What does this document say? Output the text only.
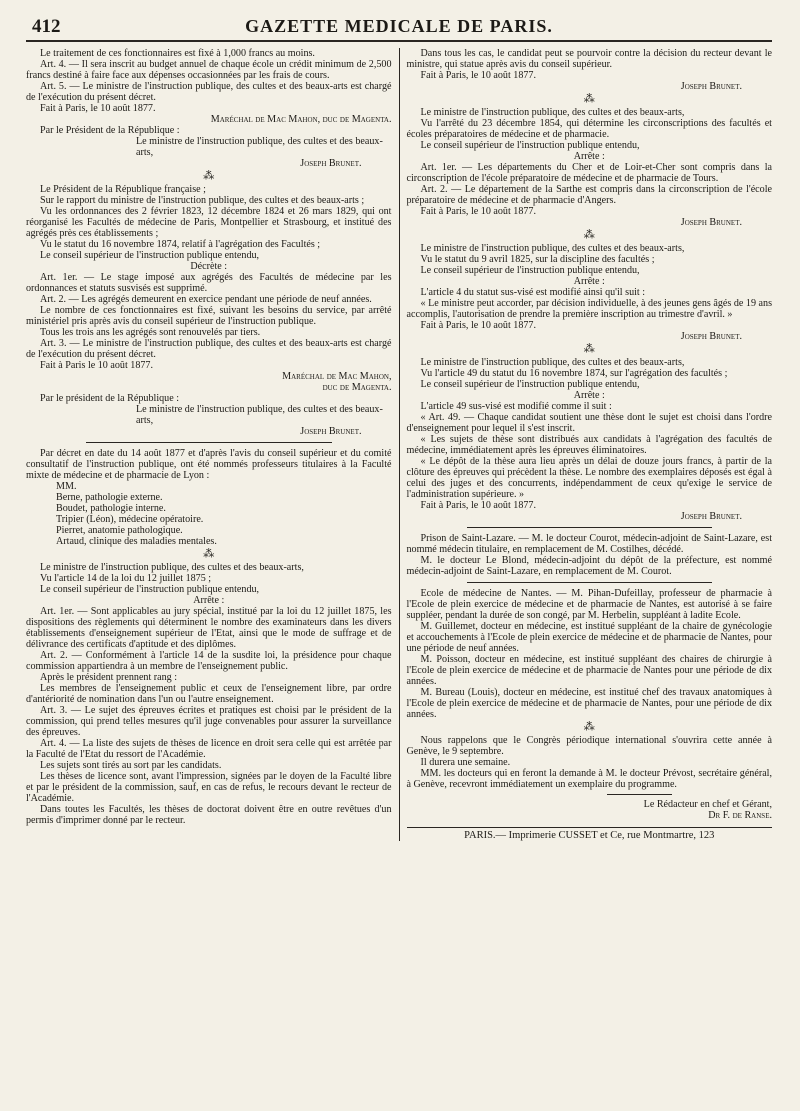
412	GAZETTE MEDICALE DE PARIS.

Le traitement de ces fonctionnaires est fixé à 1,000 francs au moins.

Art. 4. — Il sera inscrit au budget annuel de chaque école un crédit minimum de 2,500 francs destiné à faire face aux dépenses occasionnées par les frais de cours.

Art. 5. — Le ministre de l'instruction publique, des cultes et des beaux-arts est chargé de l'exécution du présent décret.

Fait à Paris, le 10 août 1877.

Maréchal de Mac Mahon, duc de Magenta.

Par le Président de la République :

Le ministre de l'instruction publique, des cultes et des beaux-arts,

Joseph Brunet.

⁂

Le Président de la République française ;

Sur le rapport du ministre de l'instruction publique, des cultes et des beaux-arts ;

Vu les ordonnances des 2 février 1823, 12 décembre 1824 et 26 mars 1829, qui ont réorganisé les Facultés de médecine de Paris, Montpellier et Strasbourg, et institué des agrégés près ces établissements ;

Vu le statut du 16 novembre 1874, relatif à l'agrégation des Facultés ;

Le conseil supérieur de l'instruction publique entendu,

Décrète :

Art. 1er. — Le stage imposé aux agrégés des Facultés de médecine par les ordonnances et statuts susvisés est supprimé.

Art. 2. — Les agrégés demeurent en exercice pendant une période de neuf années.

Le nombre de ces fonctionnaires est fixé, suivant les besoins du service, par arrêté ministériel pris après avis du conseil supérieur de l'instruction publique.

Tous les trois ans les agrégés sont renouvelés par tiers.

Art. 3. — Le ministre de l'instruction publique, des cultes et des beaux-arts est chargé de l'exécution du présent décret.

Fait à Paris le 10 août 1877.

Maréchal de Mac Mahon,

duc de Magenta.

Par le président de la République :

Le ministre de l'instruction publique, des cultes et des beaux-arts,

Joseph Brunet.

Par décret en date du 14 août 1877 et d'après l'avis du conseil supérieur et du comité consultatif de l'instruction publique, ont été nommés professeurs titulaires à la Faculté mixte de médecine et de pharmacie de Lyon :

MM.

Berne, pathologie externe.

Boudet, pathologie interne.

Tripier (Léon), médecine opératoire.

Pierret, anatomie pathologique.

Artaud, clinique des maladies mentales.

⁂

Le ministre de l'instruction publique, des cultes et des beaux-arts,

Vu l'article 14 de la loi du 12 juillet 1875 ;

Le conseil supérieur de l'instruction publique entendu,

Arrête :

Art. 1er. — Sont applicables au jury spécial, institué par la loi du 12 juillet 1875, les dispositions des règlements qui déterminent le nombre des examinateurs dans les divers établissements d'enseignement supérieur de l'Etat, ainsi que le mode de suffrage et de délivrance des certificats d'aptitude et des diplômes.

Art. 2. — Conformément à l'article 14 de la susdite loi, la présidence pour chaque commission appartiendra à un membre de l'enseignement public.

Après le président prennent rang :

Les membres de l'enseignement public et ceux de l'enseignement libre, par ordre d'antériorité de nomination dans l'un ou l'autre enseignement.

Art. 3. — Le sujet des épreuves écrites et pratiques est choisi par le président de la commission, qui prend telles mesures qu'il juge convenables pour assurer la surveillance des épreuves.

Art. 4. — La liste des sujets de thèses de licence en droit sera celle qui est arrêtée par la Faculté de l'Etat du ressort de l'Académie.

Les sujets sont tirés au sort par les candidats.

Les thèses de licence sont, avant l'impression, signées par le doyen de la Faculté libre et par le président de la commission, sauf, en cas de refus, le recours devant le recteur de l'Académie.

Dans toutes les Facultés, les thèses de doctorat doivent être en outre revêtues d'un permis d'imprimer donné par le recteur.

Dans tous les cas, le candidat peut se pourvoir contre la décision du recteur devant le ministre, qui statue après avis du conseil supérieur.

Fait à Paris, le 10 août 1877.

Joseph Brunet.

⁂

Le ministre de l'instruction publique, des cultes et des beaux-arts,

Vu l'arrêté du 23 décembre 1854, qui détermine les circonscriptions des facultés et écoles préparatoires de médecine et de pharmacie.

Le conseil supérieur de l'instruction publique entendu,

Arrête :

Art. 1er. — Les départements du Cher et de Loir-et-Cher sont compris dans la circonscription de l'école préparatoire de médecine et de pharmacie de Tours.

Art. 2. — Le département de la Sarthe est compris dans la circonscription de l'école préparatoire de médecine et de pharmacie d'Angers.

Fait à Paris, le 10 août 1877.

Joseph Brunet.

⁂

Le ministre de l'instruction publique, des cultes et des beaux-arts,

Vu le statut du 9 avril 1825, sur la discipline des facultés ;

Le conseil supérieur de l'instruction publique entendu,

Arrête :

L'article 4 du statut sus-visé est modifié ainsi qu'il suit :

« Le ministre peut accorder, par décision individuelle, à des jeunes gens âgés de 19 ans accomplis, l'autorisation de prendre la première inscription au trimestre d'avril. »

Fait à Paris, le 10 août 1877.

Joseph Brunet.

⁂

Le ministre de l'instruction publique, des cultes et des beaux-arts,

Vu l'article 49 du statut du 16 novembre 1874, sur l'agrégation des facultés ;

Le conseil supérieur de l'instruction publique entendu,

Arrête :

L'article 49 sus-visé est modifié comme il suit :

« Art. 49. — Chaque candidat soutient une thèse dont le sujet est choisi dans l'ordre d'enseignement pour lequel il s'est inscrit.

« Les sujets de thèse sont distribués aux candidats à l'agrégation des facultés de médecine, immédiatement après les épreuves éliminatoires.

« Le dépôt de la thèse aura lieu après un délai de douze jours francs, à partir de la clôture des épreuves qui précèdent la thèse. Le nombre des exemplaires déposés est égal à celui des juges et des concurrents, indépendamment de ceux qu'exige le service de l'administration supérieure. »

Fait à Paris, le 10 août 1877.

Joseph Brunet.

Prison de Saint-Lazare. — M. le docteur Courot, médecin-adjoint de Saint-Lazare, est nommé médecin titulaire, en remplacement de M. Costilhes, décédé.

M. le docteur Le Blond, médecin-adjoint du dépôt de la préfecture, est nommé médecin-adjoint de Saint-Lazare, en remplacement de M. Courot.

Ecole de médecine de Nantes. — M. Pihan-Dufeillay, professeur de pharmacie à l'Ecole de plein exercice de médecine et de pharmacie de Nantes, est autorisé à se faire suppléer, pendant la durée de son congé, par M. Herbelin, suppléant à ladite Ecole.

M. Guillemet, docteur en médecine, est institué suppléant de la chaire de gynécologie et accouchements à l'Ecole de plein exercice de médecine et de pharmacie de Nantes, pour une période de neuf années.

M. Poisson, docteur en médecine, est institué suppléant des chaires de chirurgie à l'Ecole de plein exercice de médecine et de pharmacie de Nantes pour une période de dix années.

M. Bureau (Louis), docteur en médecine, est institué chef des travaux anatomiques à l'Ecole de plein exercice de médecine et de pharmacie de Nantes, pour une période de dix années.

⁂

Nous rappelons que le Congrès périodique international s'ouvrira cette année à Genève, le 9 septembre.

Il durera une semaine.

MM. les docteurs qui en feront la demande à M. le docteur Prévost, secrétaire général, à Genève, recevront immédiatement un exemplaire du programme.

Le Rédacteur en chef et Gérant,

Dr F. de Ranse.

PARIS.— Imprimerie CUSSET et Ce, rue Montmartre, 123
